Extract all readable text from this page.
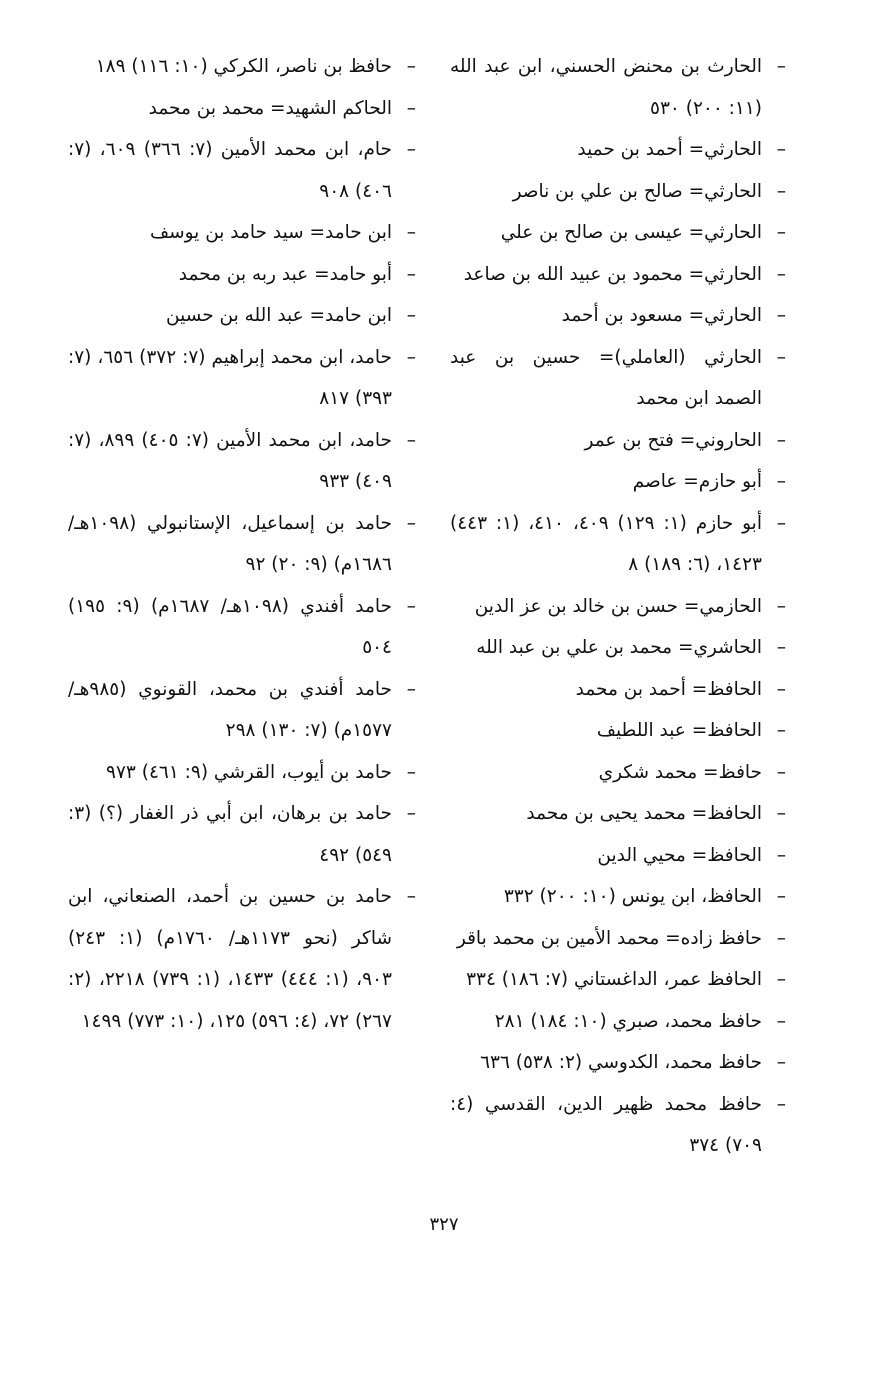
–
الحارث بن محنض الحسني، ابن عبد الله (١١: ٢٠٠) ٥٣٠
–
الحارثي= أحمد بن حميد
–
الحارثي= صالح بن علي بن ناصر
–
الحارثي= عيسى بن صالح بن علي
–
الحارثي= محمود بن عبيد الله بن صاعد
–
الحارثي= مسعود بن أحمد
–
الحارثي (العاملي)= حسين بن عبد الصمد ابن محمد
–
الحاروني= فتح بن عمر
–
أبو حازم= عاصم
–
أبو حازم (١: ١٢٩) ٤٠٩، ٤١٠، (١: ٤٤٣) ١٤٢٣، (٦: ١٨٩) ٨
–
الحازمي= حسن بن خالد بن عز الدين
–
الحاشري= محمد بن علي بن عبد الله
–
الحافظ= أحمد بن محمد
–
الحافظ= عبد اللطيف
–
حافظ= محمد شكري
–
الحافظ= محمد يحيى بن محمد
–
الحافظ= محيي الدين
–
الحافظ، ابن يونس (١٠: ٢٠٠) ٣٣٢
–
حافظ زاده= محمد الأمين بن محمد باقر
–
الحافظ عمر، الداغستاني (٧: ١٨٦) ٣٣٤
–
حافظ محمد، صبري (١٠: ١٨٤) ٢٨١
–
حافظ محمد، الكدوسي (٢: ٥٣٨) ٦٣٦
–
حافظ محمد ظهير الدين، القدسي (٤: ٧٠٩) ٣٧٤
–
حافظ بن ناصر، الكركي (١٠: ١١٦) ١٨٩
–
الحاكم الشهيد= محمد بن محمد
–
حام، ابن محمد الأمين (٧: ٣٦٦) ٦٠٩، (٧: ٤٠٦) ٩٠٨
–
ابن حامد= سيد حامد بن يوسف
–
أبو حامد= عبد ربه بن محمد
–
ابن حامد= عبد الله بن حسين
–
حامد، ابن محمد إبراهيم (٧: ٣٧٢) ٦٥٦، (٧: ٣٩٣) ٨١٧
–
حامد، ابن محمد الأمين (٧: ٤٠٥) ٨٩٩، (٧: ٤٠٩) ٩٣٣
–
حامد بن إسماعيل، الإستانبولي (١٠٩٨هـ/ ١٦٨٦م) (٩: ٢٠) ٩٢
–
حامد أفندي (١٠٩٨هـ/ ١٦٨٧م) (٩: ١٩٥) ٥٠٤
–
حامد أفندي بن محمد، القونوي (٩٨٥هـ/ ١٥٧٧م) (٧: ١٣٠) ٢٩٨
–
حامد بن أيوب، القرشي (٩: ٤٦١) ٩٧٣
–
حامد بن برهان، ابن أبي ذر الغفار (؟) (٣: ٥٤٩) ٤٩٢
–
حامد بن حسين بن أحمد، الصنعاني، ابن شاكر (نحو ١١٧٣هـ/ ١٧٦٠م) (١: ٢٤٣) ٩٠٣، (١: ٤٤٤) ١٤٣٣، (١: ٧٣٩) ٢٢١٨، (٢: ٢٦٧) ٧٢، (٤: ٥٩٦) ١٢٥، (١٠: ٧٧٣) ١٤٩٩
٣٢٧
